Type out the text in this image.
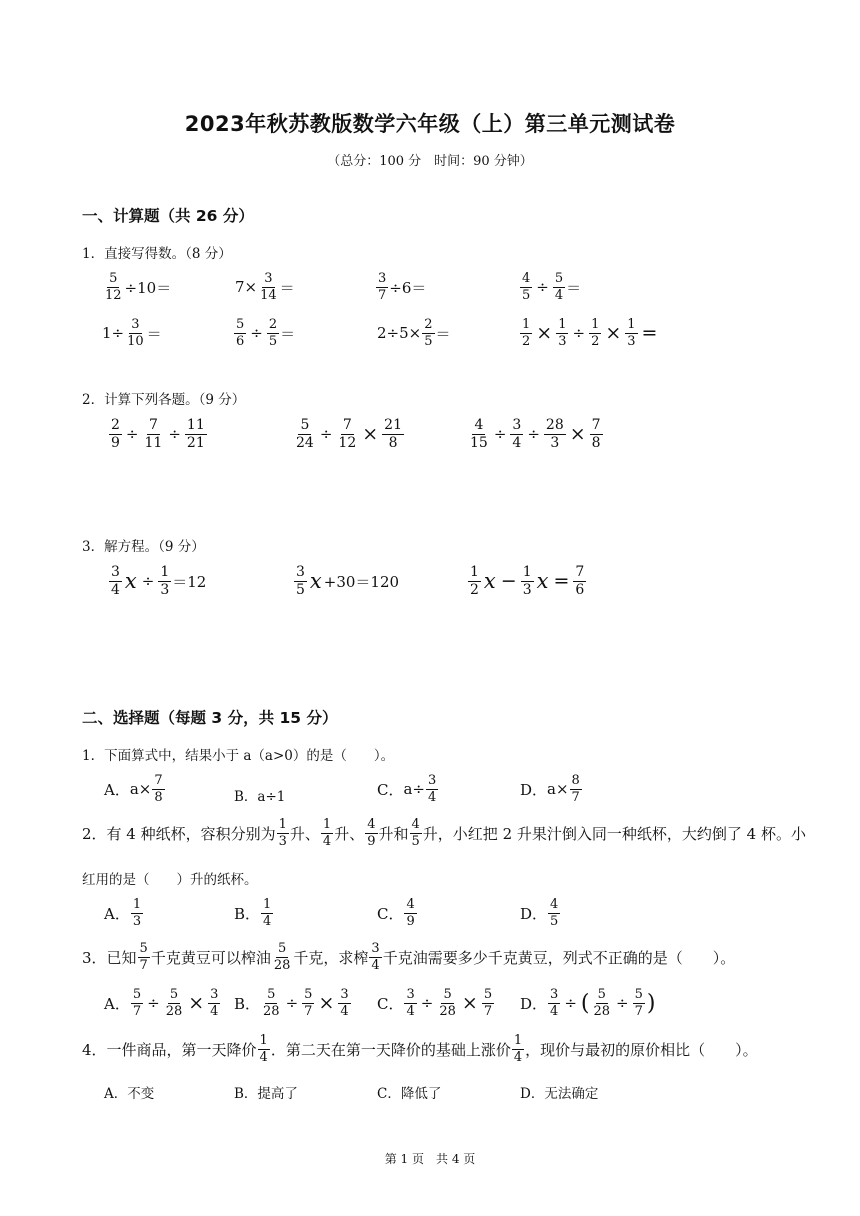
2023年秋苏教版数学六年级（上）第三单元测试卷
（总分：100 分　时间：90 分钟）
一、计算题（共 26 分）
1．直接写得数。（8 分）
$\frac{5}{12} \div 10=$	$7\times \frac{3}{14}$ ＝	$\frac{3}{7} \div 6=$	$\frac{4}{5} \div \frac{5}{4}$ ＝
$1\div \frac{3}{10}$ ＝	$\frac{5}{6} \div \frac{2}{5}$ ＝	$2\div 5\times \frac{2}{5}$ ＝	$\frac{1}{2} \times \frac{1}{3} \div \frac{1}{2} \times \frac{1}{3}$ =
2．计算下列各题。（9 分）
$\frac{2}{9} \div \frac{7}{11} \div \frac{11}{21}$	$\frac{5}{24} \div \frac{7}{12} \times \frac{21}{8}$	$\frac{4}{15} \div \frac{3}{4} \div \frac{28}{3} \times \frac{7}{8}$
3．解方程。（9 分）
$\frac{3}{4}$ $x \div \frac{1}{3} =12$	$\frac{3}{5}$ x +30＝120	$\frac{1}{2}$ $x - \frac{1}{3}$ $x = \frac{7}{6}$
二、选择题（每题 3 分，共 15 分）
1．下面算式中，结果小于 a（a>0）的是（　　）。
A． $a\times \frac{7}{8}$	B．a÷1	C． $a\div \frac{3}{4}$	D． $a\times \frac{8}{7}$
2．有 4 种纸杯，容积分别为 $\frac{1}{3}$ 升、 $\frac{1}{4}$ 升、 $\frac{4}{9}$ 升和 $\frac{4}{5}$ 升，小红把 2 升果汁倒入同一种纸杯，大约倒了 4 杯。小
红用的是（　　）升的纸杯。
A． $\frac{1}{3}$	B． $\frac{1}{4}$	C． $\frac{4}{9}$	D． $\frac{4}{5}$
3．已知 $\frac{5}{7}$ 千克黄豆可以榨油 $\frac{5}{28}$ 千克，求榨 $\frac{3}{4}$ 千克油需要多少千克黄豆，列式不正确的是（　　）。
A． $\frac{5}{7} \div \frac{5}{28} \times \frac{3}{4}$ B． $\frac{5}{28} \div \frac{5}{7} \times \frac{3}{4}$ C． $\frac{3}{4} \div \frac{5}{28} \times \frac{5}{7}$ D． $\frac{3}{4}$ ÷ ( $\frac{5}{28} \div \frac{5}{7}$ )
4．一件商品，第一天降价 $\frac{1}{4}$ ．第二天在第一天降价的基础上涨价 $\frac{1}{4}$ ，现价与最初的原价相比（　　）。
A．不变	B．提高了	C．降低了	D．无法确定
第 1 页　共 4 页
